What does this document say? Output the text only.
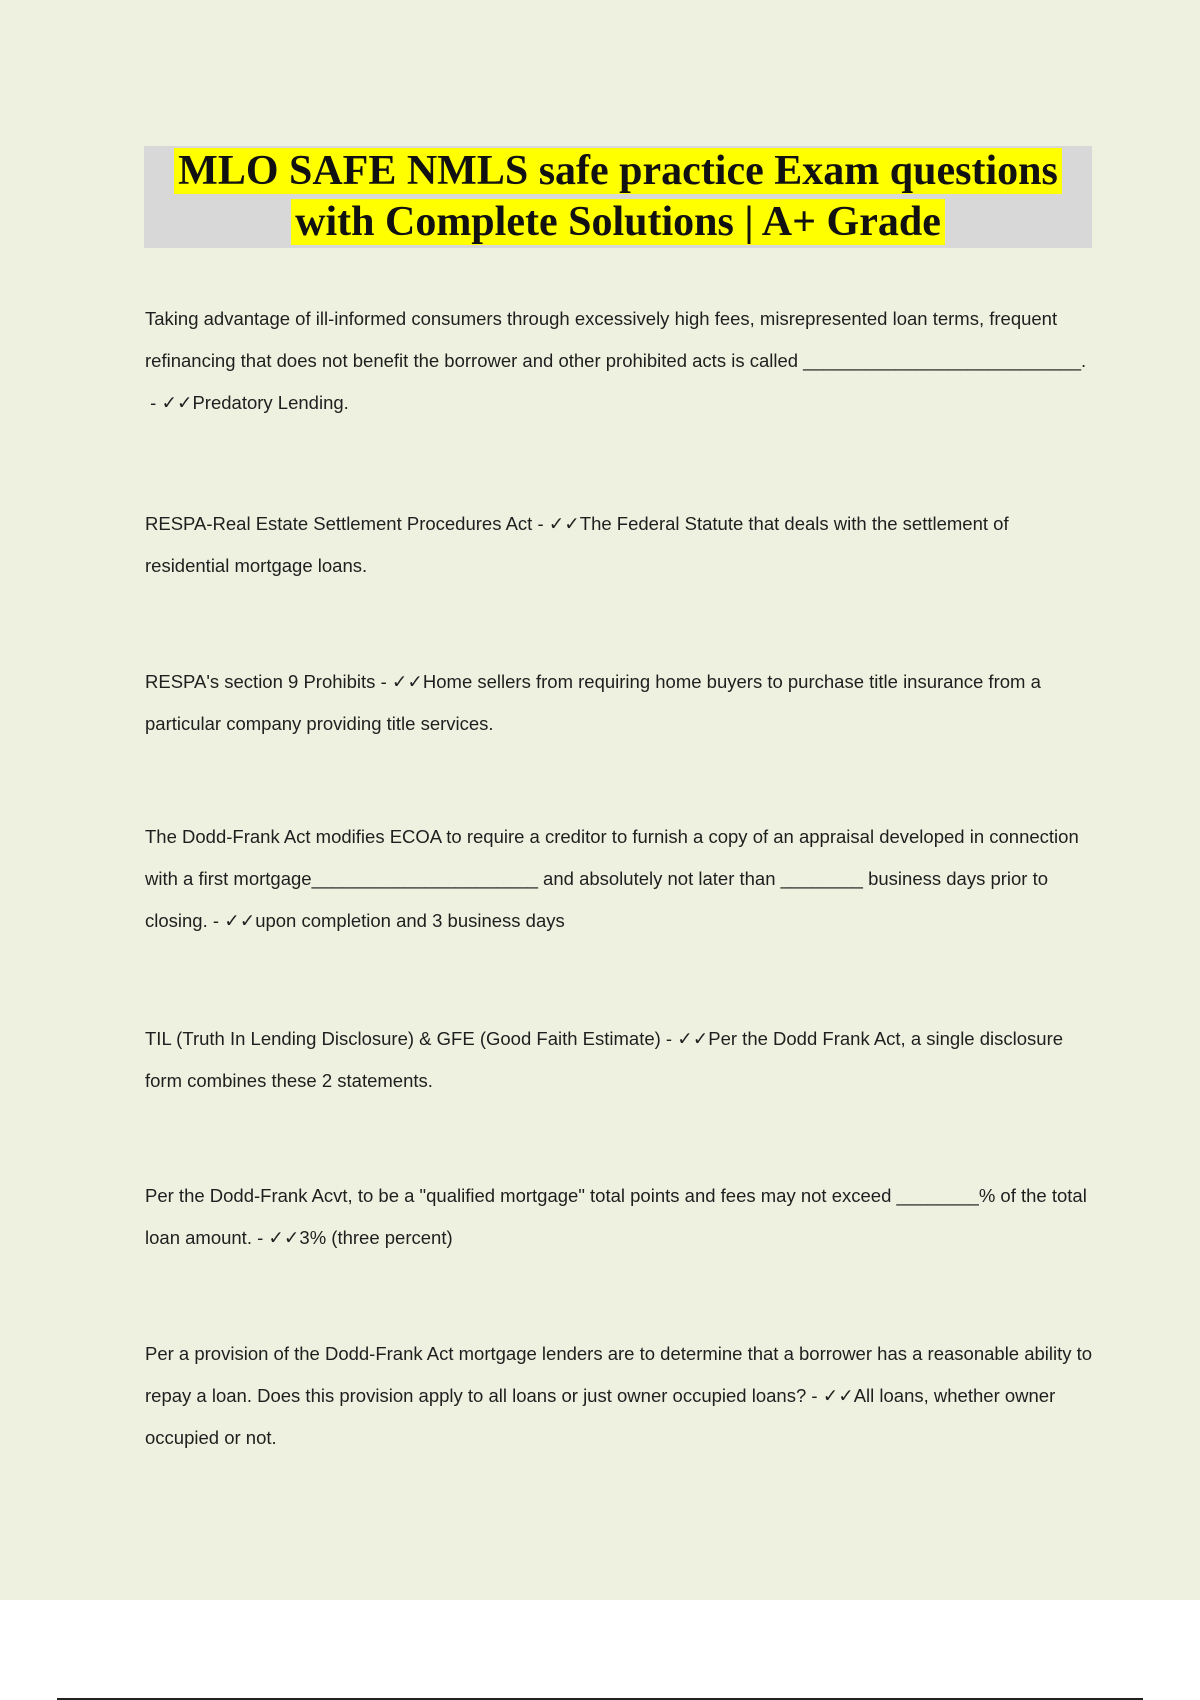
MLO SAFE NMLS safe practice Exam questions
with Complete Solutions | A+ Grade
Taking advantage of ill-informed consumers through excessively high fees, misrepresented loan terms, frequent refinancing that does not benefit the borrower and other prohibited acts is called ___________________________. - ✓✓Predatory Lending.
RESPA-Real Estate Settlement Procedures Act - ✓✓The Federal Statute that deals with the settlement of residential mortgage loans.
RESPA's section 9 Prohibits - ✓✓Home sellers from requiring home buyers to purchase title insurance from a particular company providing title services.
The Dodd-Frank Act modifies ECOA to require a creditor to furnish a copy of an appraisal developed in connection with a first mortgage______________________ and absolutely not later than ________ business days prior to closing. - ✓✓upon completion and 3 business days
TIL (Truth In Lending Disclosure) & GFE (Good Faith Estimate) - ✓✓Per the Dodd Frank Act, a single disclosure form combines these 2 statements.
Per the Dodd-Frank Acvt, to be a "qualified mortgage" total points and fees may not exceed ________% of the total loan amount. - ✓✓3% (three percent)
Per a provision of the Dodd-Frank Act mortgage lenders are to determine that a borrower has a reasonable ability to repay a loan. Does this provision apply to all loans or just owner occupied loans? - ✓✓All loans, whether owner occupied or not.
